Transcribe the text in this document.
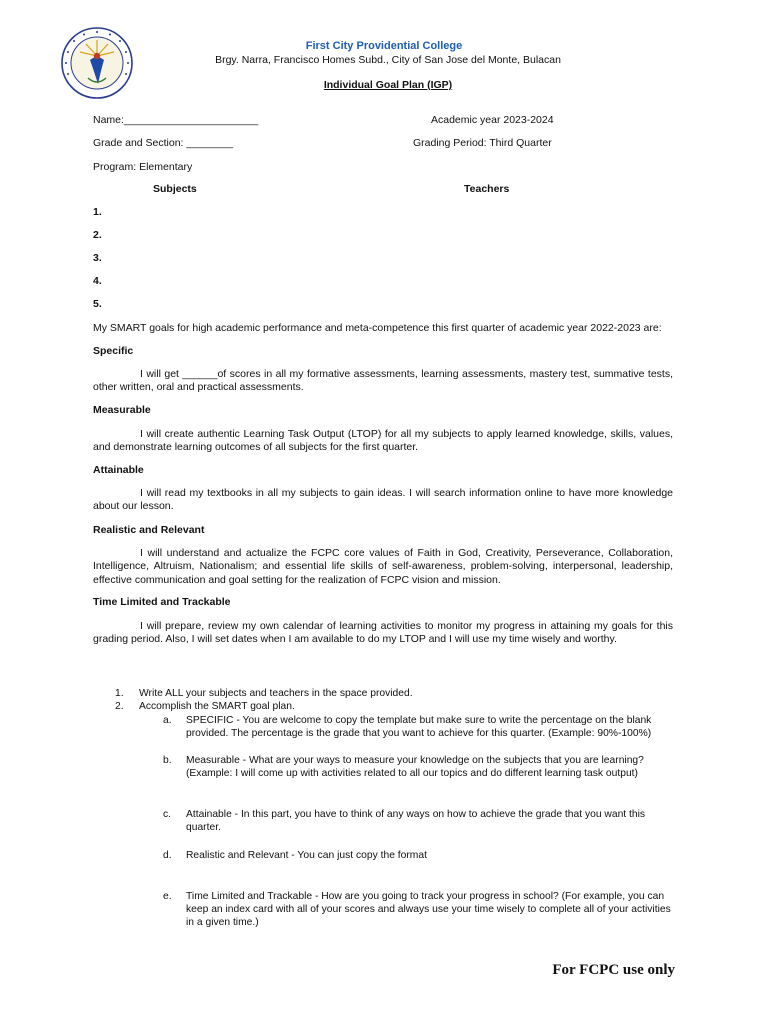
First City Providential College
Brgy. Narra, Francisco Homes Subd., City of San Jose del Monte, Bulacan
Individual Goal Plan (IGP)
Name:_______________________	Academic year 2023-2024
Grade and Section: ________	Grading Period: Third Quarter
Program: Elementary
Subjects	Teachers
1.
2.
3.
4.
5.
My SMART goals for high academic performance and meta-competence this first quarter of academic year 2022-2023 are:
Specific
I will get ______of scores in all my formative assessments, learning assessments, mastery test, summative tests, other written, oral and practical assessments.
Measurable
I will create authentic Learning Task Output (LTOP) for all my subjects to apply learned knowledge, skills, values, and demonstrate learning outcomes of all subjects for the first quarter.
Attainable
I will read my textbooks in all my subjects to gain ideas. I will search information online to have more knowledge about our lesson.
Realistic and Relevant
I will understand and actualize the FCPC core values of Faith in God, Creativity, Perseverance, Collaboration, Intelligence, Altruism, Nationalism; and essential life skills of self-awareness, problem-solving, interpersonal, leadership, effective communication and goal setting for the realization of FCPC vision and mission.
Time Limited and Trackable
I will prepare, review my own calendar of learning activities to monitor my progress in attaining my goals for this grading period. Also, I will set dates when I am available to do my LTOP and I will use my time wisely and worthy.
1. Write ALL your subjects and teachers in the space provided.
2. Accomplish the SMART goal plan.
a. SPECIFIC - You are welcome to copy the template but make sure to write the percentage on the blank provided. The percentage is the grade that you want to achieve for this quarter. (Example: 90%-100%)
b. Measurable - What are your ways to measure your knowledge on the subjects that you are learning? (Example: I will come up with activities related to all our topics and do different learning task output)
c. Attainable - In this part, you have to think of any ways on how to achieve the grade that you want this quarter.
d. Realistic and Relevant - You can just copy the format
e. Time Limited and Trackable - How are you going to track your progress in school? (For example, you can keep an index card with all of your scores and always use your time wisely to complete all of your activities in a given time.)
For FCPC use only
